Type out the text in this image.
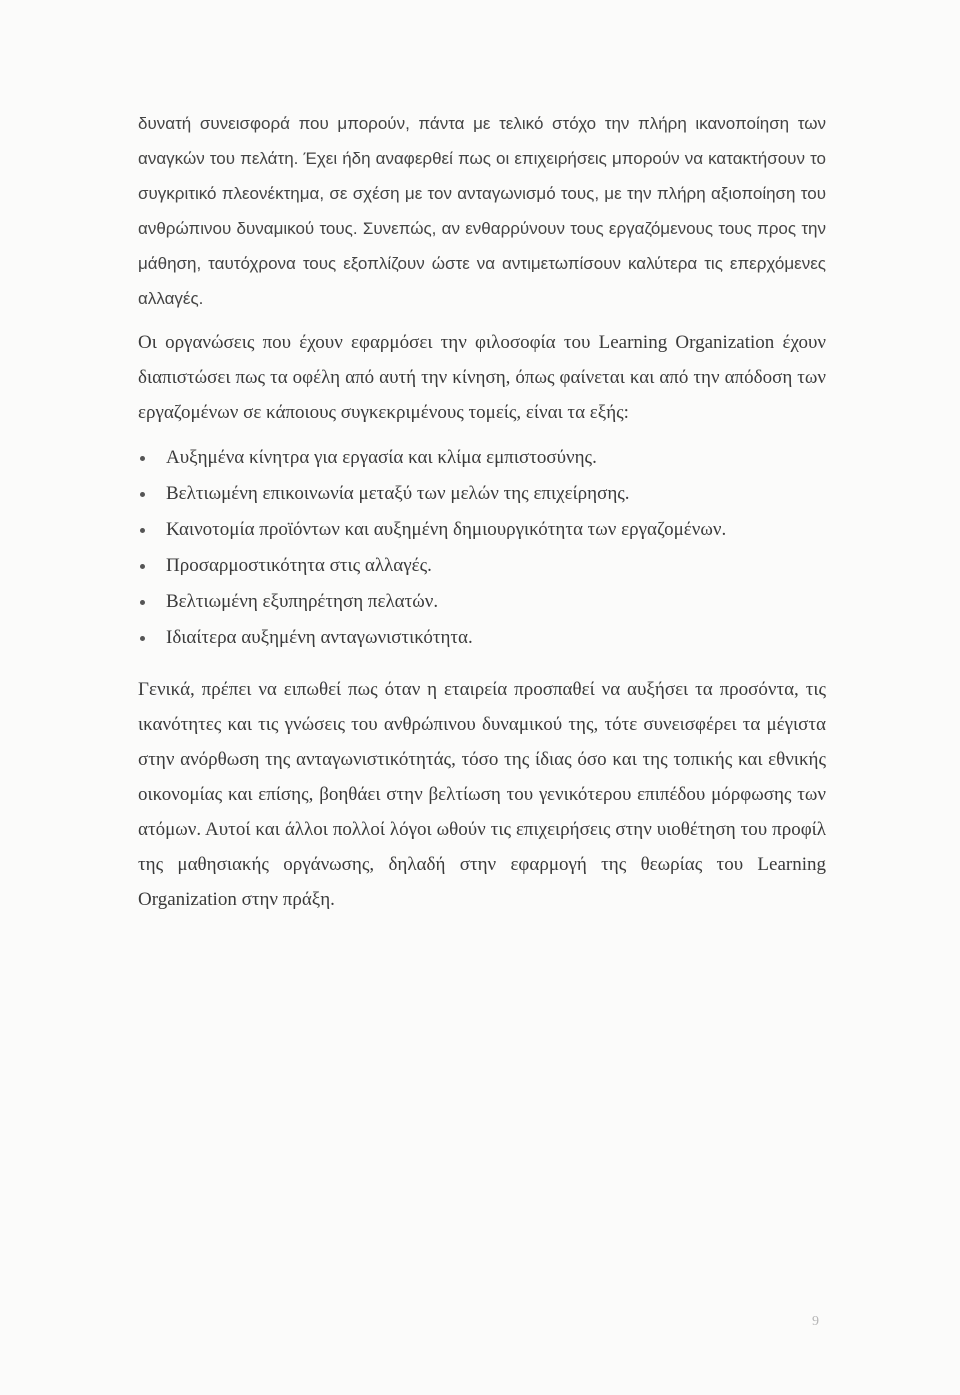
δυνατή συνεισφορά που μπορούν, πάντα με τελικό στόχο την πλήρη ικανοποίηση των αναγκών του πελάτη. Έχει ήδη αναφερθεί πως οι επιχειρήσεις μπορούν να κατακτήσουν το συγκριτικό πλεονέκτημα, σε σχέση με τον ανταγωνισμό τους, με την πλήρη αξιοποίηση του ανθρώπινου δυναμικού τους. Συνεπώς, αν ενθαρρύνουν τους εργαζόμενους τους προς την μάθηση, ταυτόχρονα τους εξοπλίζουν ώστε να αντιμετωπίσουν καλύτερα τις επερχόμενες αλλαγές.

Οι οργανώσεις που έχουν εφαρμόσει την φιλοσοφία του Learning Organization έχουν διαπιστώσει πως τα οφέλη από αυτή την κίνηση, όπως φαίνεται και από την απόδοση των εργαζομένων σε κάποιους συγκεκριμένους τομείς, είναι τα εξής:

Αυξημένα κίνητρα για εργασία και κλίμα εμπιστοσύνης.
Βελτιωμένη επικοινωνία μεταξύ των μελών της επιχείρησης.
Καινοτομία προϊόντων και αυξημένη δημιουργικότητα των εργαζομένων.
Προσαρμοστικότητα στις αλλαγές.
Βελτιωμένη εξυπηρέτηση πελατών.
Ιδιαίτερα αυξημένη ανταγωνιστικότητα.

Γενικά, πρέπει να ειπωθεί πως όταν η εταιρεία προσπαθεί να αυξήσει τα προσόντα, τις ικανότητες και τις γνώσεις του ανθρώπινου δυναμικού της, τότε συνεισφέρει τα μέγιστα στην ανόρθωση της ανταγωνιστικότητάς, τόσο της ίδιας όσο και της τοπικής και εθνικής οικονομίας και επίσης, βοηθάει στην βελτίωση του γενικότερου επιπέδου μόρφωσης των ατόμων. Αυτοί και άλλοι πολλοί λόγοι ωθούν τις επιχειρήσεις στην υιοθέτηση του προφίλ της μαθησιακής οργάνωσης, δηλαδή στην εφαρμογή της θεωρίας του Learning Organization στην πράξη.

9
